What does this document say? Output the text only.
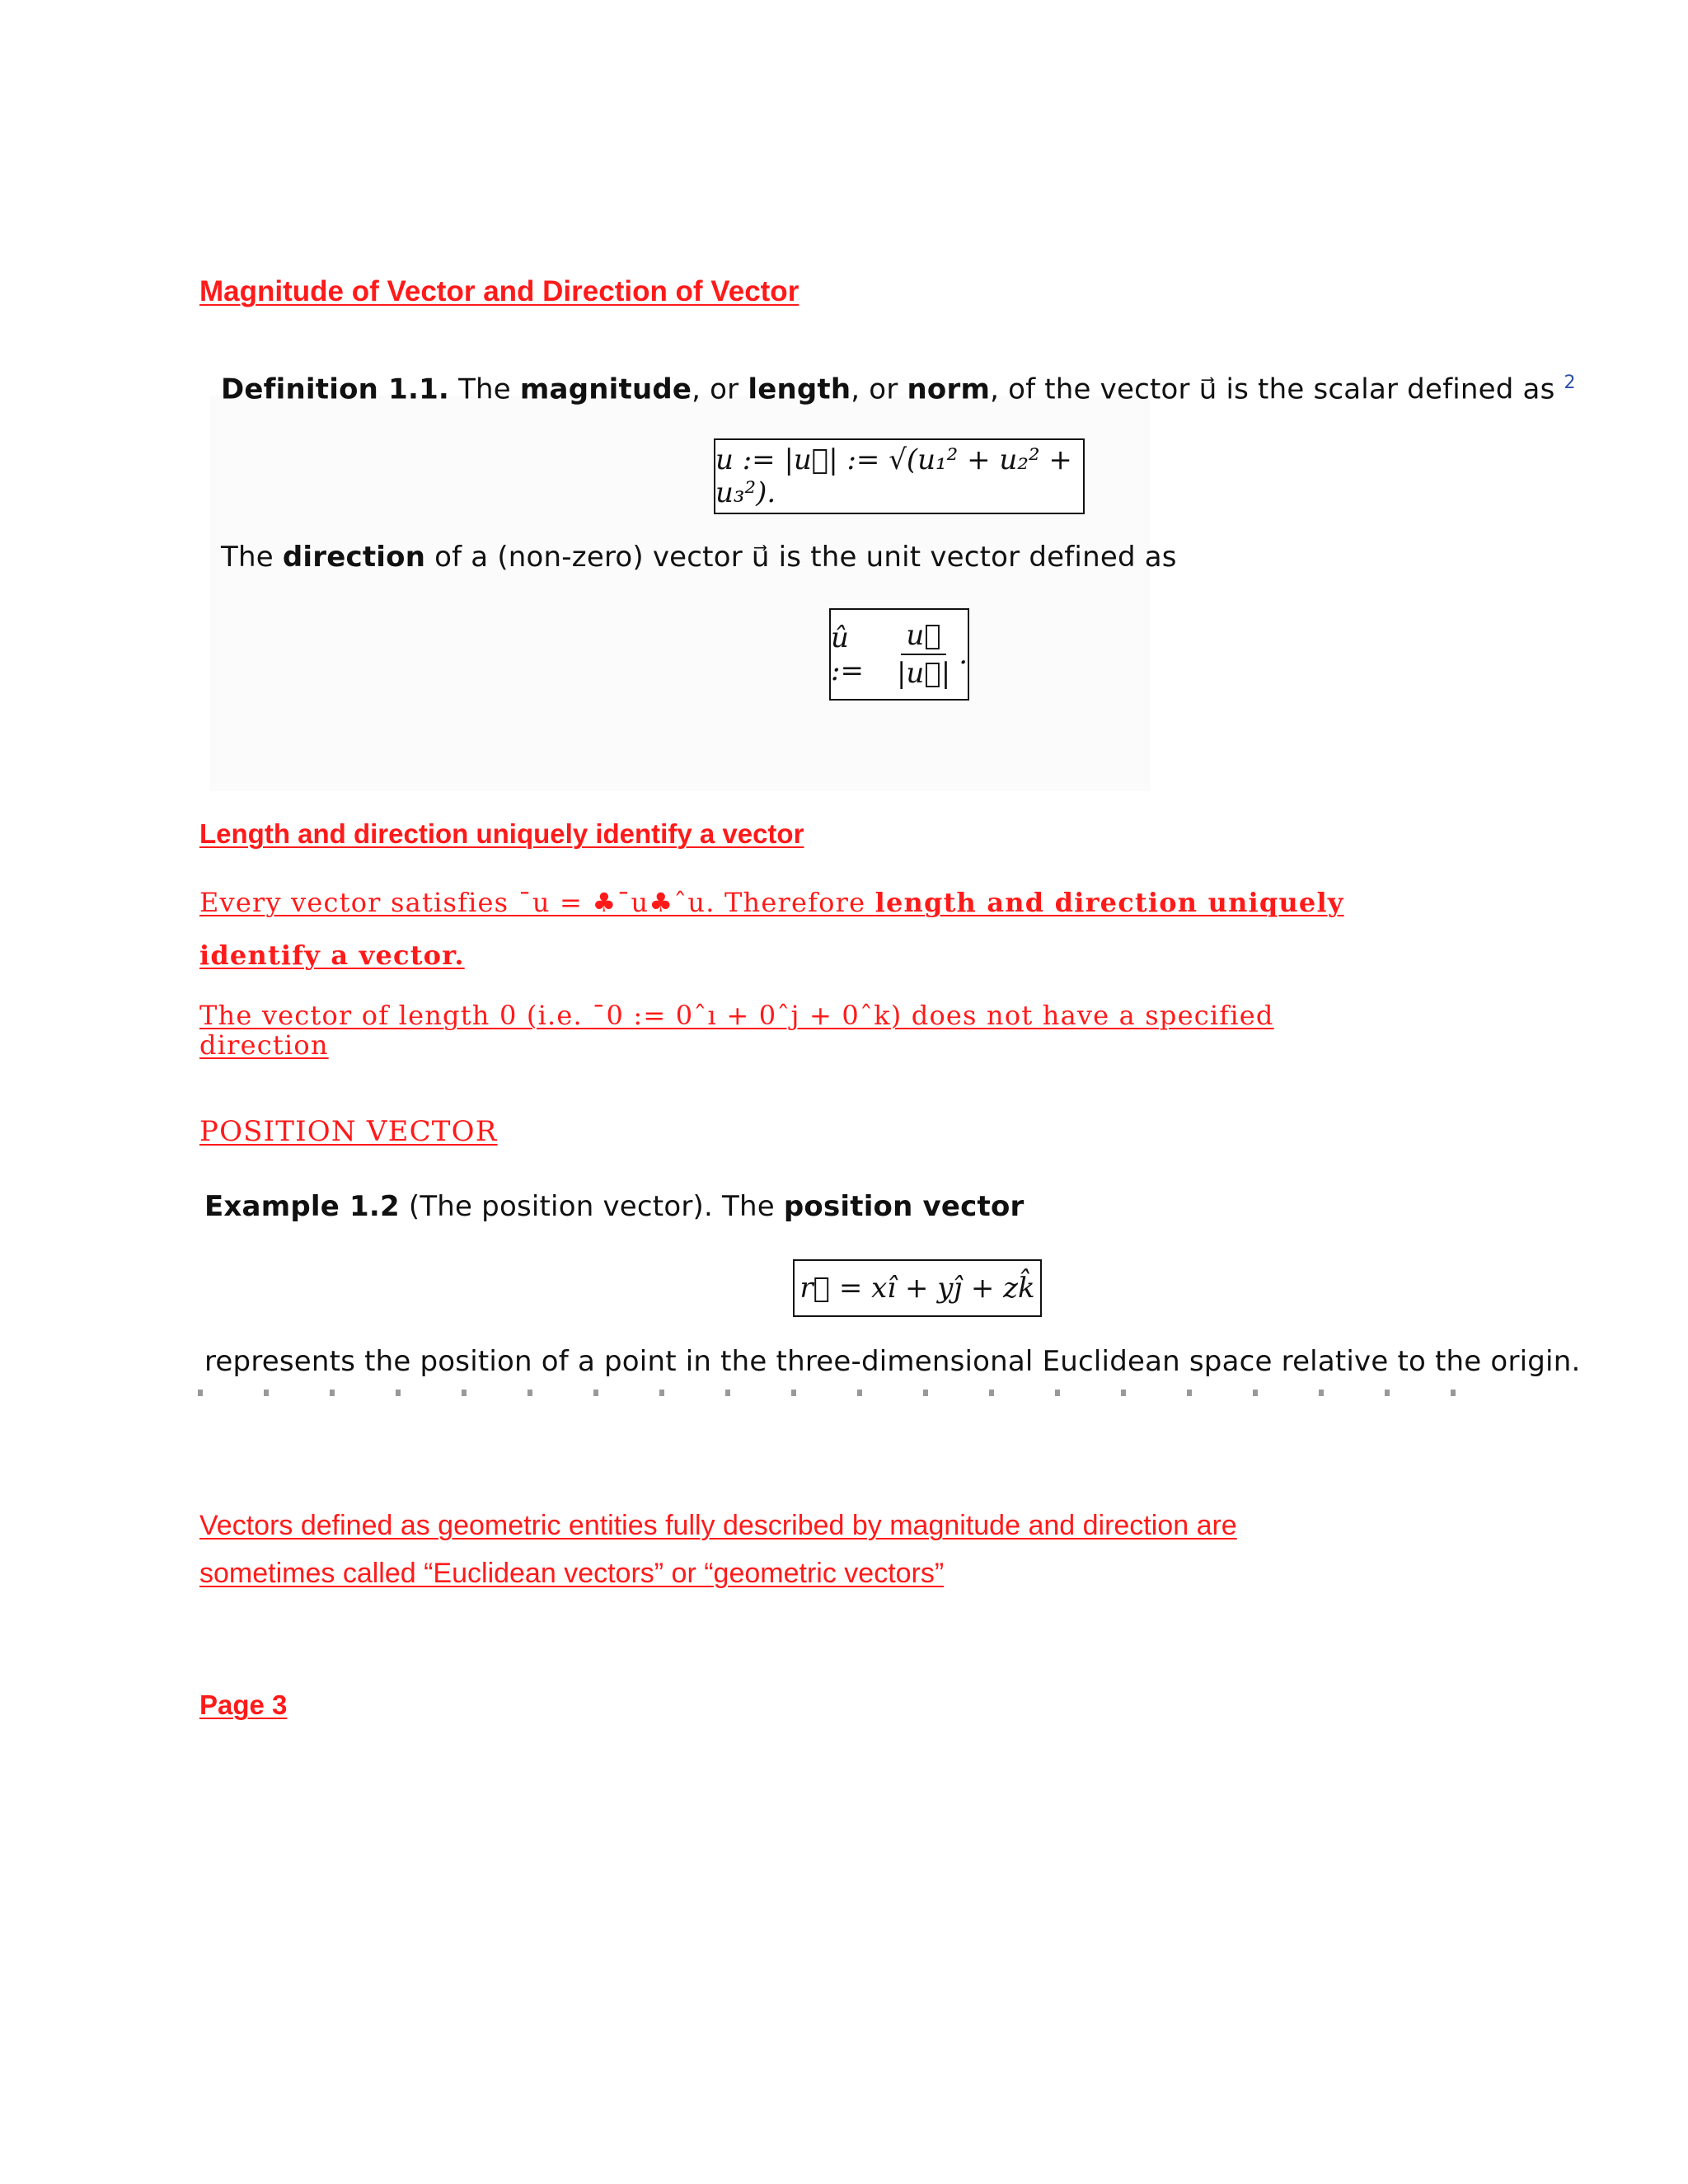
Magnitude of Vector and Direction of Vector
Definition 1.1. The magnitude, or length, or norm, of the vector u⃗ is the scalar defined as $^2$
u := |u⃗| := √(u₁² + u₂² + u₃²).
The direction of a (non-zero) vector u⃗ is the unit vector defined as
û :=	$\frac{u⃗}{|u⃗|}$ .
Length and direction uniquely identify a vector
Every vector satisfies ¯u = ♣¯u♣ˆu. Therefore length and direction uniquely
identify a vector.
The vector of length 0 (i.e. ¯0 := 0ˆı + 0ˆj + 0ˆk) does not have a specified
direction
POSITION VECTOR
Example 1.2 (The position vector). The position vector
r⃗ = xî + yĵ + zk̂
represents the position of a point in the three-dimensional Euclidean space relative to the origin.
Vectors defined as geometric entities fully described by magnitude and direction are
sometimes called “Euclidean vectors” or “geometric vectors”
Page 3
